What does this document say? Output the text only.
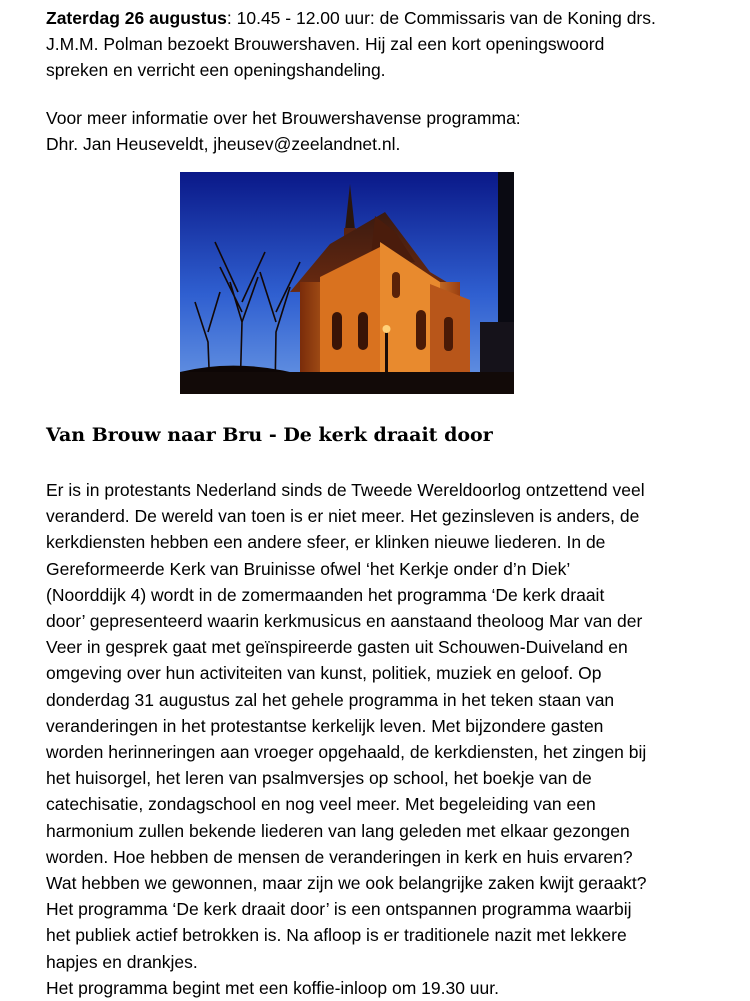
Zaterdag 26 augustus: 10.45 - 12.00 uur: de Commissaris van de Koning drs.
J.M.M. Polman bezoekt Brouwershaven. Hij zal een kort openingswoord
spreken en verricht een openingshandeling.

Voor meer informatie over het Brouwershavense programma:
Dhr. Jan Heuseveldt, jheusev@zeelandnet.nl.

Van Brouw naar Bru - De kerk draait door
Er is in protestants Nederland sinds de Tweede Wereldoorlog ontzettend veel
veranderd. De wereld van toen is er niet meer. Het gezinsleven is anders, de
kerkdiensten hebben een andere sfeer, er klinken nieuwe liederen. In de
Gereformeerde Kerk van Bruinisse ofwel ‘het Kerkje onder d’n Diek’
(Noorddijk 4) wordt in de zomermaanden het programma ‘De kerk draait
door’ gepresenteerd waarin kerkmusicus en aanstaand theoloog Mar van der
Veer in gesprek gaat met geïnspireerde gasten uit Schouwen-Duiveland en
omgeving over hun activiteiten van kunst, politiek, muziek en geloof. Op
donderdag 31 augustus zal het gehele programma in het teken staan van
veranderingen in het protestantse kerkelijk leven. Met bijzondere gasten
worden herinneringen aan vroeger opgehaald, de kerkdiensten, het zingen bij
het huisorgel, het leren van psalmversjes op school, het boekje van de
catechisatie, zondagschool en nog veel meer. Met begeleiding van een
harmonium zullen bekende liederen van lang geleden met elkaar gezongen
worden. Hoe hebben de mensen de veranderingen in kerk en huis ervaren?
Wat hebben we gewonnen, maar zijn we ook belangrijke zaken kwijt geraakt?
Het programma ‘De kerk draait door’ is een ontspannen programma waarbij
het publiek actief betrokken is. Na afloop is er traditionele nazit met lekkere
hapjes en drankjes.
Het programma begint met een koffie-inloop om 19.30 uur.
